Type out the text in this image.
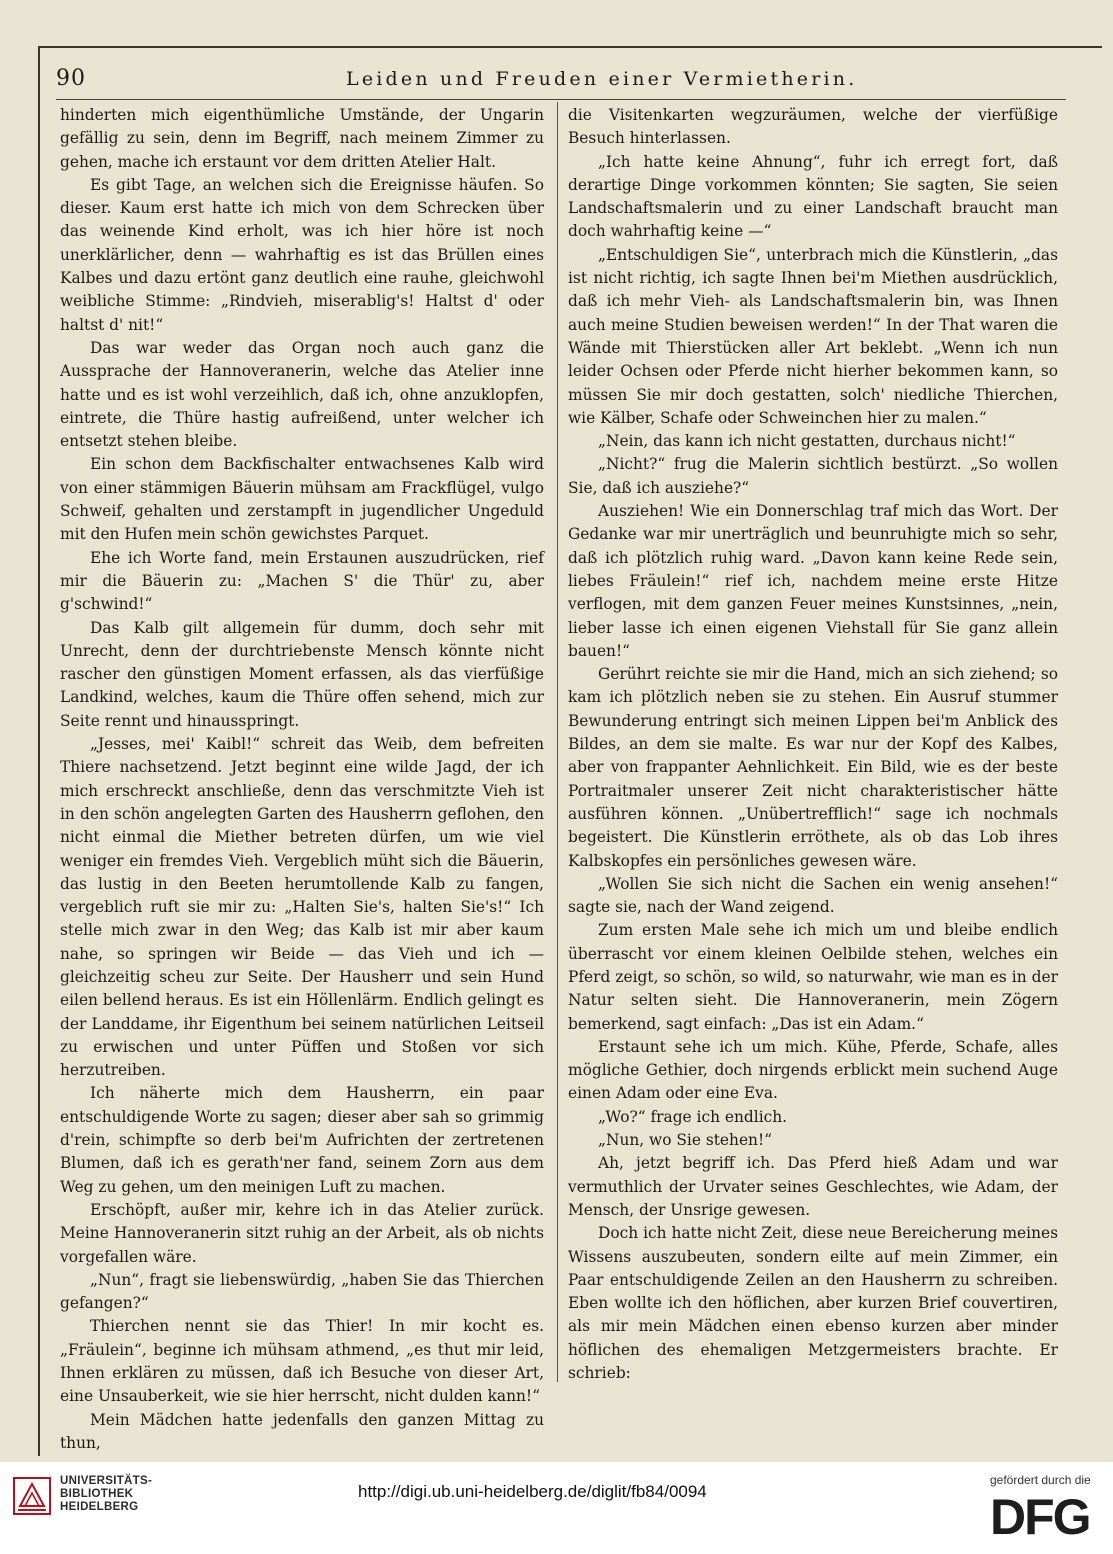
90	Leiden und Freuden einer Vermietherin.

hinderten mich eigenthümliche Umstände, der Ungarin gefällig zu sein, denn im Begriff, nach meinem Zimmer zu gehen, mache ich erstaunt vor dem dritten Atelier Halt.

Es gibt Tage, an welchen sich die Ereignisse häufen. So dieser. Kaum erst hatte ich mich von dem Schrecken über das weinende Kind erholt, was ich hier höre ist noch unerklärlicher, denn — wahrhaftig es ist das Brüllen eines Kalbes und dazu ertönt ganz deutlich eine rauhe, gleichwohl weibliche Stimme: „Rindvieh, miserablig's! Haltst d' oder haltst d' nit!“

Das war weder das Organ noch auch ganz die Aussprache der Hannoveranerin, welche das Atelier inne hatte und es ist wohl verzeihlich, daß ich, ohne anzuklopfen, eintrete, die Thüre hastig aufreißend, unter welcher ich entsetzt stehen bleibe.

Ein schon dem Backfischalter entwachsenes Kalb wird von einer stämmigen Bäuerin mühsam am Frackflügel, vulgo Schweif, gehalten und zerstampft in jugendlicher Ungeduld mit den Hufen mein schön gewichstes Parquet.

Ehe ich Worte fand, mein Erstaunen auszudrücken, rief mir die Bäuerin zu: „Machen S' die Thür' zu, aber g'schwind!“

Das Kalb gilt allgemein für dumm, doch sehr mit Unrecht, denn der durchtriebenste Mensch könnte nicht rascher den günstigen Moment erfassen, als das vierfüßige Landkind, welches, kaum die Thüre offen sehend, mich zur Seite rennt und hinausspringt.

„Jesses, mei' Kaibl!“ schreit das Weib, dem befreiten Thiere nachsetzend. Jetzt beginnt eine wilde Jagd, der ich mich erschreckt anschließe, denn das verschmitzte Vieh ist in den schön angelegten Garten des Hausherrn geflohen, den nicht einmal die Miether betreten dürfen, um wie viel weniger ein fremdes Vieh. Vergeblich müht sich die Bäuerin, das lustig in den Beeten herumtollende Kalb zu fangen, vergeblich ruft sie mir zu: „Halten Sie's, halten Sie's!“ Ich stelle mich zwar in den Weg; das Kalb ist mir aber kaum nahe, so springen wir Beide — das Vieh und ich — gleichzeitig scheu zur Seite. Der Hausherr und sein Hund eilen bellend heraus. Es ist ein Höllenlärm. Endlich gelingt es der Landdame, ihr Eigenthum bei seinem natürlichen Leitseil zu erwischen und unter Püffen und Stoßen vor sich herzutreiben.

Ich näherte mich dem Hausherrn, ein paar entschuldigende Worte zu sagen; dieser aber sah so grimmig d'rein, schimpfte so derb bei'm Aufrichten der zertretenen Blumen, daß ich es gerath'ner fand, seinem Zorn aus dem Weg zu gehen, um den meinigen Luft zu machen.

Erschöpft, außer mir, kehre ich in das Atelier zurück. Meine Hannoveranerin sitzt ruhig an der Arbeit, als ob nichts vorgefallen wäre.

„Nun“, fragt sie liebenswürdig, „haben Sie das Thierchen gefangen?“

Thierchen nennt sie das Thier! In mir kocht es. „Fräulein“, beginne ich mühsam athmend, „es thut mir leid, Ihnen erklären zu müssen, daß ich Besuche von dieser Art, eine Unsauberkeit, wie sie hier herrscht, nicht dulden kann!“

Mein Mädchen hatte jedenfalls den ganzen Mittag zu thun,

die Visitenkarten wegzuräumen, welche der vierfüßige Besuch hinterlassen.

„Ich hatte keine Ahnung“, fuhr ich erregt fort, daß derartige Dinge vorkommen könnten; Sie sagten, Sie seien Landschaftsmalerin und zu einer Landschaft braucht man doch wahrhaftig keine —“

„Entschuldigen Sie“, unterbrach mich die Künstlerin, „das ist nicht richtig, ich sagte Ihnen bei'm Miethen ausdrücklich, daß ich mehr Vieh- als Landschaftsmalerin bin, was Ihnen auch meine Studien beweisen werden!“ In der That waren die Wände mit Thierstücken aller Art beklebt. „Wenn ich nun leider Ochsen oder Pferde nicht hierher bekommen kann, so müssen Sie mir doch gestatten, solch' niedliche Thierchen, wie Kälber, Schafe oder Schweinchen hier zu malen.“

„Nein, das kann ich nicht gestatten, durchaus nicht!“

„Nicht?“ frug die Malerin sichtlich bestürzt. „So wollen Sie, daß ich ausziehe?“

Ausziehen! Wie ein Donnerschlag traf mich das Wort. Der Gedanke war mir unerträglich und beunruhigte mich so sehr, daß ich plötzlich ruhig ward. „Davon kann keine Rede sein, liebes Fräulein!“ rief ich, nachdem meine erste Hitze verflogen, mit dem ganzen Feuer meines Kunstsinnes, „nein, lieber lasse ich einen eigenen Viehstall für Sie ganz allein bauen!“

Gerührt reichte sie mir die Hand, mich an sich ziehend; so kam ich plötzlich neben sie zu stehen. Ein Ausruf stummer Bewunderung entringt sich meinen Lippen bei'm Anblick des Bildes, an dem sie malte. Es war nur der Kopf des Kalbes, aber von frappanter Aehnlichkeit. Ein Bild, wie es der beste Portraitmaler unserer Zeit nicht charakteristischer hätte ausführen können. „Unübertrefflich!“ sage ich nochmals begeistert. Die Künstlerin erröthete, als ob das Lob ihres Kalbskopfes ein persönliches gewesen wäre.

„Wollen Sie sich nicht die Sachen ein wenig ansehen!“ sagte sie, nach der Wand zeigend.

Zum ersten Male sehe ich mich um und bleibe endlich überrascht vor einem kleinen Oelbilde stehen, welches ein Pferd zeigt, so schön, so wild, so naturwahr, wie man es in der Natur selten sieht. Die Hannoveranerin, mein Zögern bemerkend, sagt einfach: „Das ist ein Adam.“

Erstaunt sehe ich um mich. Kühe, Pferde, Schafe, alles mögliche Gethier, doch nirgends erblickt mein suchend Auge einen Adam oder eine Eva.

„Wo?“ frage ich endlich.

„Nun, wo Sie stehen!“

Ah, jetzt begriff ich. Das Pferd hieß Adam und war vermuthlich der Urvater seines Geschlechtes, wie Adam, der Mensch, der Unsrige gewesen.

Doch ich hatte nicht Zeit, diese neue Bereicherung meines Wissens auszubeuten, sondern eilte auf mein Zimmer, ein Paar entschuldigende Zeilen an den Hausherrn zu schreiben. Eben wollte ich den höflichen, aber kurzen Brief couvertiren, als mir mein Mädchen einen ebenso kurzen aber minder höflichen des ehemaligen Metzgermeisters brachte. Er schrieb:

UNIVERSITÄTS-
BIBLIOTHEK
HEIDELBERG
http://digi.ub.uni-heidelberg.de/diglit/fb84/0094
gefördert durch die
DFG
